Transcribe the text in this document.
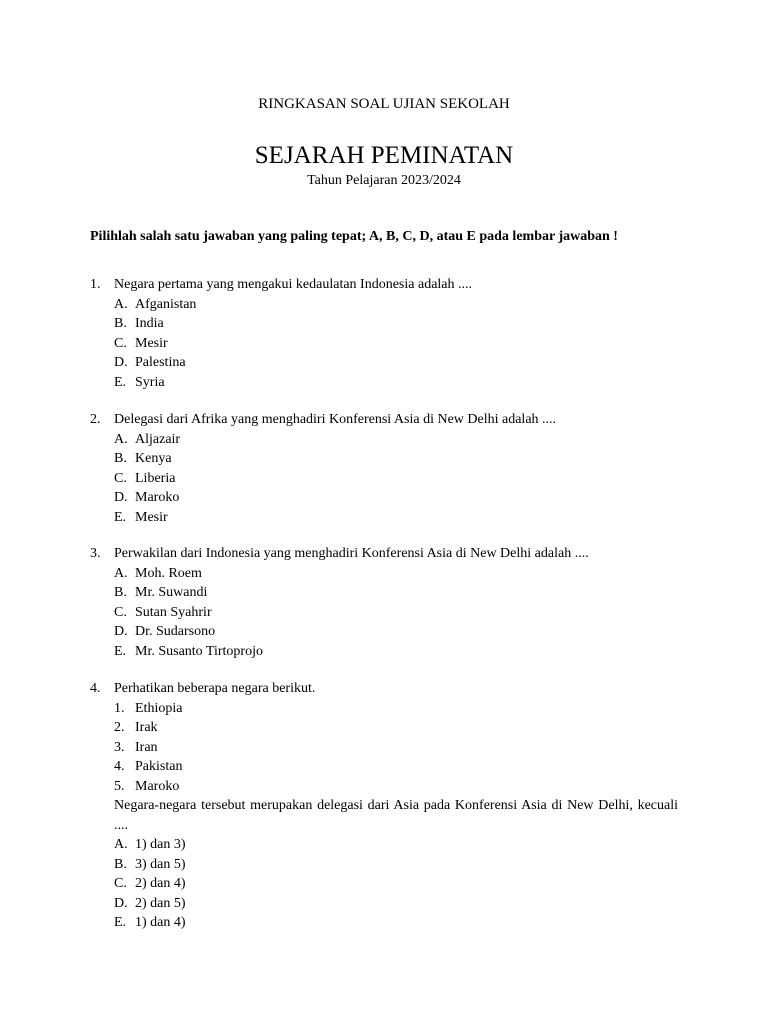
RINGKASAN SOAL UJIAN SEKOLAH
SEJARAH PEMINATAN
Tahun Pelajaran 2023/2024
Pilihlah salah satu jawaban yang paling tepat; A, B, C, D, atau E pada lembar jawaban !
1. Negara pertama yang mengakui kedaulatan Indonesia adalah ....
A. Afganistan
B. India
C. Mesir
D. Palestina
E. Syria
2. Delegasi dari Afrika yang menghadiri Konferensi Asia di New Delhi adalah ....
A. Aljazair
B. Kenya
C. Liberia
D. Maroko
E. Mesir
3. Perwakilan dari Indonesia yang menghadiri Konferensi Asia di New Delhi adalah ....
A. Moh. Roem
B. Mr. Suwandi
C. Sutan Syahrir
D. Dr. Sudarsono
E. Mr. Susanto Tirtoprojo
4. Perhatikan beberapa negara berikut.
1. Ethiopia
2. Irak
3. Iran
4. Pakistan
5. Maroko
Negara-negara tersebut merupakan delegasi dari Asia pada Konferensi Asia di New Delhi, kecuali ....
A. 1) dan 3)
B. 3) dan 5)
C. 2) dan 4)
D. 2) dan 5)
E. 1) dan 4)
